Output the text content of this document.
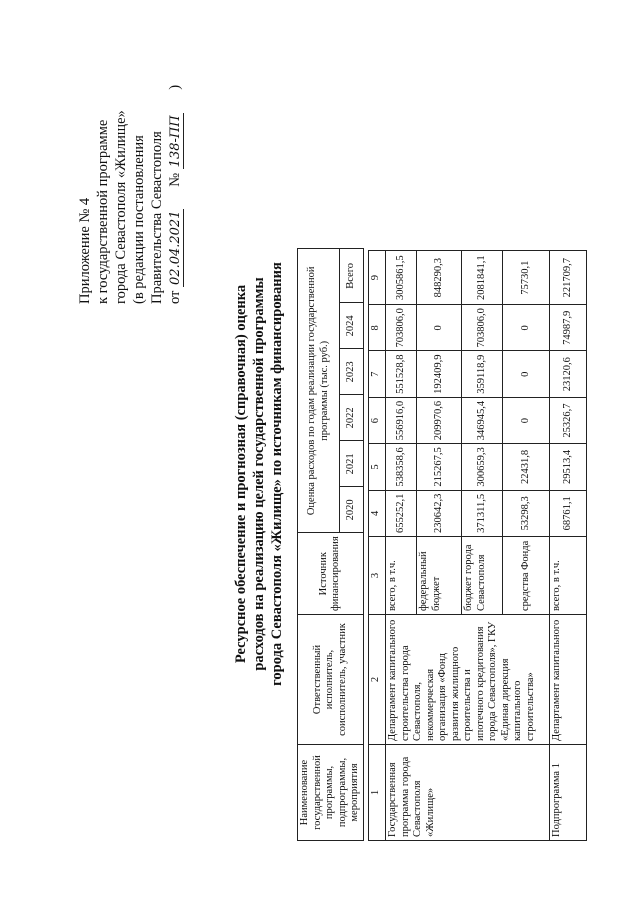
Приложение № 4 к государственной программе города Севастополя «Жилище» (в редакции постановления Правительства Севастополя от 02.04.2021      № 138-ПП )
Ресурсное обеспечение и прогнозная (справочная) оценка расходов на реализацию целей государственной программы города Севастополя «Жилище» по источникам финансирования
Наименование государственной программы, подпрограммы, мероприятия	Ответственный исполнитель, соисполнитель, участник	Источник финансирования	Оценка расходов по годам реализации государственной программы (тыс. руб.)					
			2020	2021	2022	2023	2024	Всего
1	2	3	4	5	6	7	8	9
Государственная программа города Севастополя «Жилище»	Департамент капитального строительства города Севастополя, некоммерческая организация «Фонд развития жилищного строительства и ипотечного кредитования города Севастополя», ГКУ «Единая дирекция капитального строительства»	всего, в т.ч.	655252,1	538358,6	556916,0	551528,8	703806,0	3005861,5
		федеральный бюджет	230642,3	215267,5	209970,6	192409,9	0	848290,3
		бюджет города Севастополя	371311,5	300659,3	346945,4	359118,9	703806,0	2081841,1
		средства Фонда	53298,3	22431,8	0	0	0	75730,1
Подпрограмма 1	Департамент капитального	всего, в т.ч.	68761,1	29513,4	25326,7	23120,6	74987,9	221709,7
